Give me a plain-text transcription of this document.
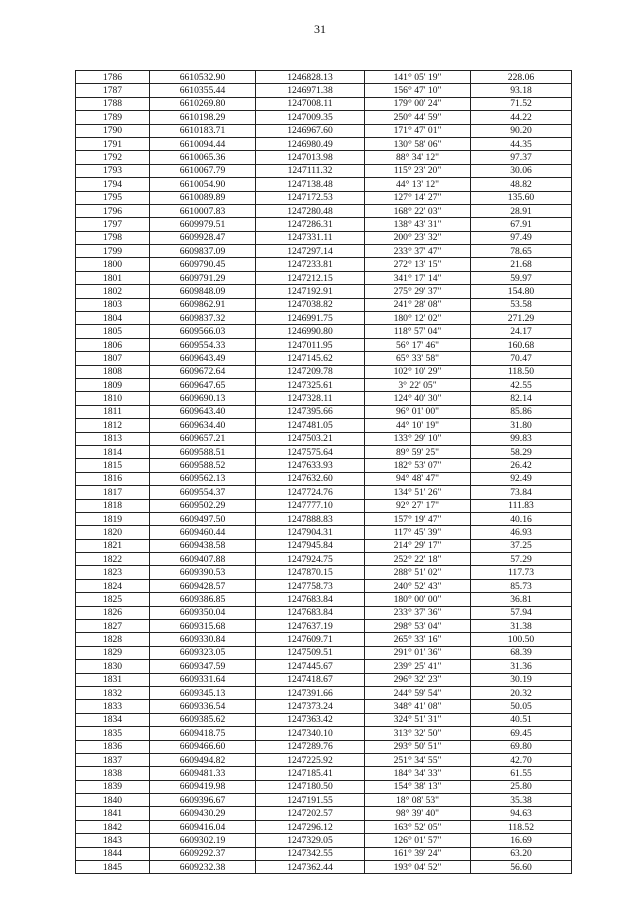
31
1786	6610532.90	1246828.13	141° 05' 19"	228.06
1787	6610355.44	1246971.38	156° 47' 10"	93.18
1788	6610269.80	1247008.11	179° 00' 24"	71.52
1789	6610198.29	1247009.35	250° 44' 59"	44.22
1790	6610183.71	1246967.60	171° 47' 01"	90.20
1791	6610094.44	1246980.49	130° 58' 06"	44.35
1792	6610065.36	1247013.98	88° 34' 12"	97.37
1793	6610067.79	1247111.32	115° 23' 20"	30.06
1794	6610054.90	1247138.48	44° 13' 12"	48.82
1795	6610089.89	1247172.53	127° 14' 27"	135.60
1796	6610007.83	1247280.48	168° 22' 03"	28.91
1797	6609979.51	1247286.31	138° 43' 31"	67.91
1798	6609928.47	1247331.11	200° 23' 32"	97.49
1799	6609837.09	1247297.14	233° 37' 47"	78.65
1800	6609790.45	1247233.81	272° 13' 15"	21.68
1801	6609791.29	1247212.15	341° 17' 14"	59.97
1802	6609848.09	1247192.91	275° 29' 37"	154.80
1803	6609862.91	1247038.82	241° 28' 08"	53.58
1804	6609837.32	1246991.75	180° 12' 02"	271.29
1805	6609566.03	1246990.80	118° 57' 04"	24.17
1806	6609554.33	1247011.95	56° 17' 46"	160.68
1807	6609643.49	1247145.62	65° 33' 58"	70.47
1808	6609672.64	1247209.78	102° 10' 29"	118.50
1809	6609647.65	1247325.61	3° 22' 05"	42.55
1810	6609690.13	1247328.11	124° 40' 30"	82.14
1811	6609643.40	1247395.66	96° 01' 00"	85.86
1812	6609634.40	1247481.05	44° 10' 19"	31.80
1813	6609657.21	1247503.21	133° 29' 10"	99.83
1814	6609588.51	1247575.64	89° 59' 25"	58.29
1815	6609588.52	1247633.93	182° 53' 07"	26.42
1816	6609562.13	1247632.60	94° 48' 47"	92.49
1817	6609554.37	1247724.76	134° 51' 26"	73.84
1818	6609502.29	1247777.10	92° 27' 17"	111.83
1819	6609497.50	1247888.83	157° 19' 47"	40.16
1820	6609460.44	1247904.31	117° 45' 39"	46.93
1821	6609438.58	1247945.84	214° 29' 17"	37.25
1822	6609407.88	1247924.75	252° 22' 18"	57.29
1823	6609390.53	1247870.15	288° 51' 02"	117.73
1824	6609428.57	1247758.73	240° 52' 43"	85.73
1825	6609386.85	1247683.84	180° 00' 00"	36.81
1826	6609350.04	1247683.84	233° 37' 36"	57.94
1827	6609315.68	1247637.19	298° 53' 04"	31.38
1828	6609330.84	1247609.71	265° 33' 16"	100.50
1829	6609323.05	1247509.51	291° 01' 36"	68.39
1830	6609347.59	1247445.67	239° 25' 41"	31.36
1831	6609331.64	1247418.67	296° 32' 23"	30.19
1832	6609345.13	1247391.66	244° 59' 54"	20.32
1833	6609336.54	1247373.24	348° 41' 08"	50.05
1834	6609385.62	1247363.42	324° 51' 31"	40.51
1835	6609418.75	1247340.10	313° 32' 50"	69.45
1836	6609466.60	1247289.76	293° 50' 51"	69.80
1837	6609494.82	1247225.92	251° 34' 55"	42.70
1838	6609481.33	1247185.41	184° 34' 33"	61.55
1839	6609419.98	1247180.50	154° 38' 13"	25.80
1840	6609396.67	1247191.55	18° 08' 53"	35.38
1841	6609430.29	1247202.57	98° 39' 40"	94.63
1842	6609416.04	1247296.12	163° 52' 05"	118.52
1843	6609302.19	1247329.05	126° 01' 57"	16.69
1844	6609292.37	1247342.55	161° 39' 24"	63.20
1845	6609232.38	1247362.44	193° 04' 52"	56.60
